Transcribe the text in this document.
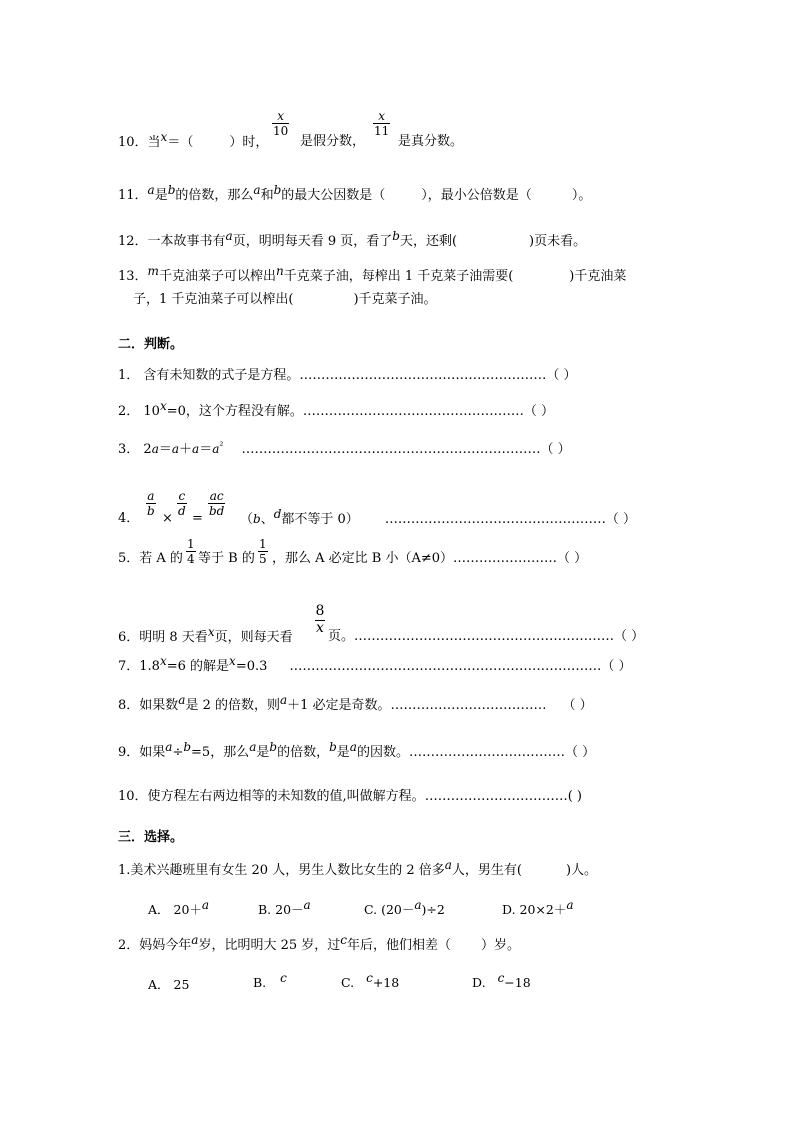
10．当x＝（	）时，
$\frac{x}{10}$
是假分数，
$\frac{x}{11}$
是真分数。
11．a是b的倍数，那么a和b的最大公因数是（	），最小公倍数是（	）。
12．一本故事书有a页，明明每天看 9 页，看了b天，还剩(	)页未看。
13．m千克油菜子可以榨出n千克菜子油，每榨出 1 千克菜子油需要(	)千克油菜
子，1 千克油菜子可以榨出(	)千克菜子油。
二．判断。
1． 含有未知数的式子是方程。…………………………………………………（ ）
2． 10x=0，这个方程没有解。……………………………………………（ ）
3． $2a=a+a=a^{^2}$ ……………………………………………………………（ ）
4． $\frac{a}{b} \times \frac{c}{d} = \frac{ac}{bd}$
（b、d都不等于 0） ……………………………………………（ ）
5．若 A 的 $\frac{1}{4}$ 等于 B 的 $\frac{1}{5}$ ，那么 A 必定比 B 小（A≠0）……………………（ ）
6．明明 8 天看x页，则每天看
$\frac{8}{x}$
页。……………………………………………………（ ）
7．1.8x=6 的解是x=0.3 ………………………………………………………………（ ）
8．如果数a是 2 的倍数，则a＋1 必定是奇数。……………………………… （ ）
9．如果a÷b=5，那么a是b的倍数，b是a的因数。………………………………（ ）
10．使方程左右两边相等的未知数的值,叫做解方程。……………………………( )
三．选择。
1.美术兴趣班里有女生 20 人，男生人数比女生的 2 倍多a人，男生有(	)人。
A． 20＋a	B. 20－a	C. (20－a)÷2	D. 20×2＋a
2．妈妈今年a岁，比明明大 25 岁，过c年后，他们相差（ ）岁。
A． 25	B. c	C. c+18	D. c−18
